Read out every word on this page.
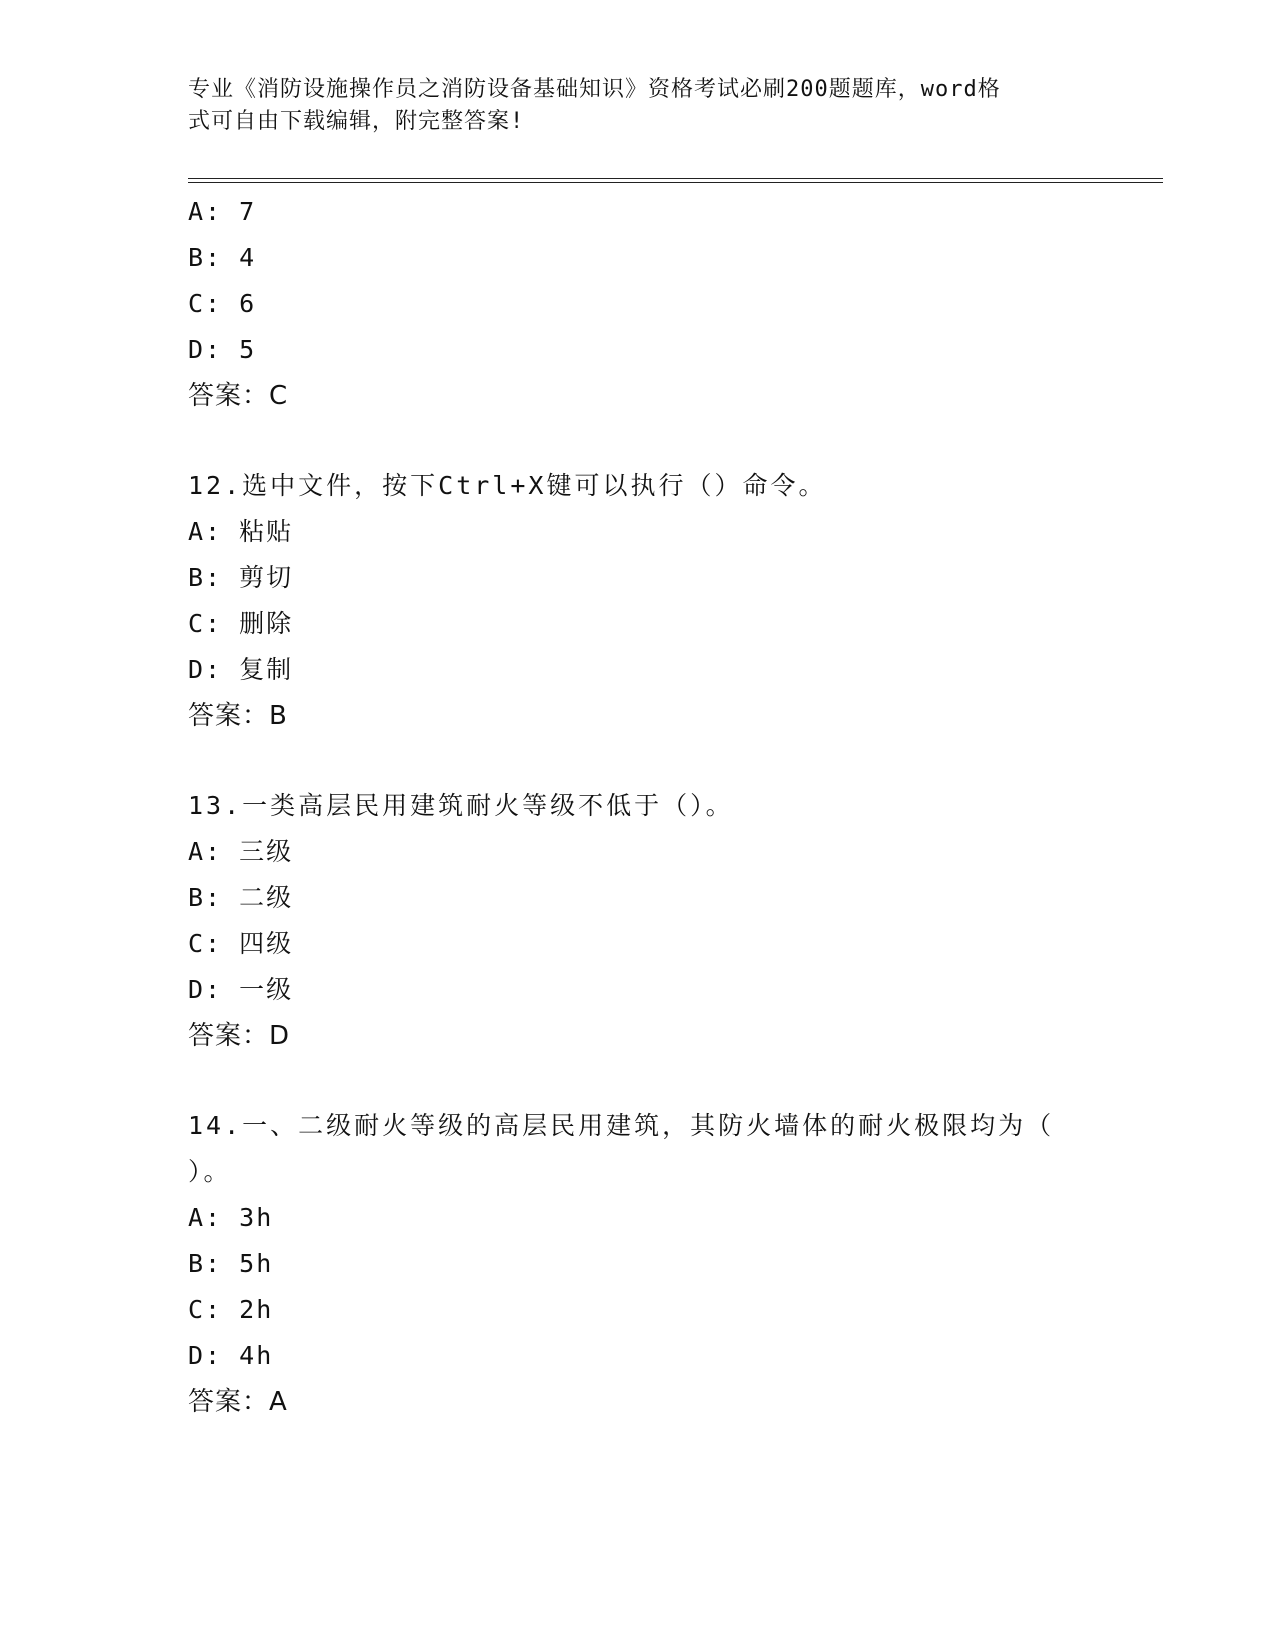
专业《消防设施操作员之消防设备基础知识》资格考试必刷200题题库，word格
式可自由下载编辑，附完整答案!
A: 7
B: 4
C: 6
D: 5
答案：C
12.选中文件，按下Ctrl+X键可以执行（）命令。
A: 粘贴
B: 剪切
C: 删除
D: 复制
答案：B
13.一类高层民用建筑耐火等级不低于（）。
A: 三级
B: 二级
C: 四级
D: 一级
答案：D
14.一、二级耐火等级的高层民用建筑，其防火墙体的耐火极限均为（
）。
A: 3h
B: 5h
C: 2h
D: 4h
答案：A
